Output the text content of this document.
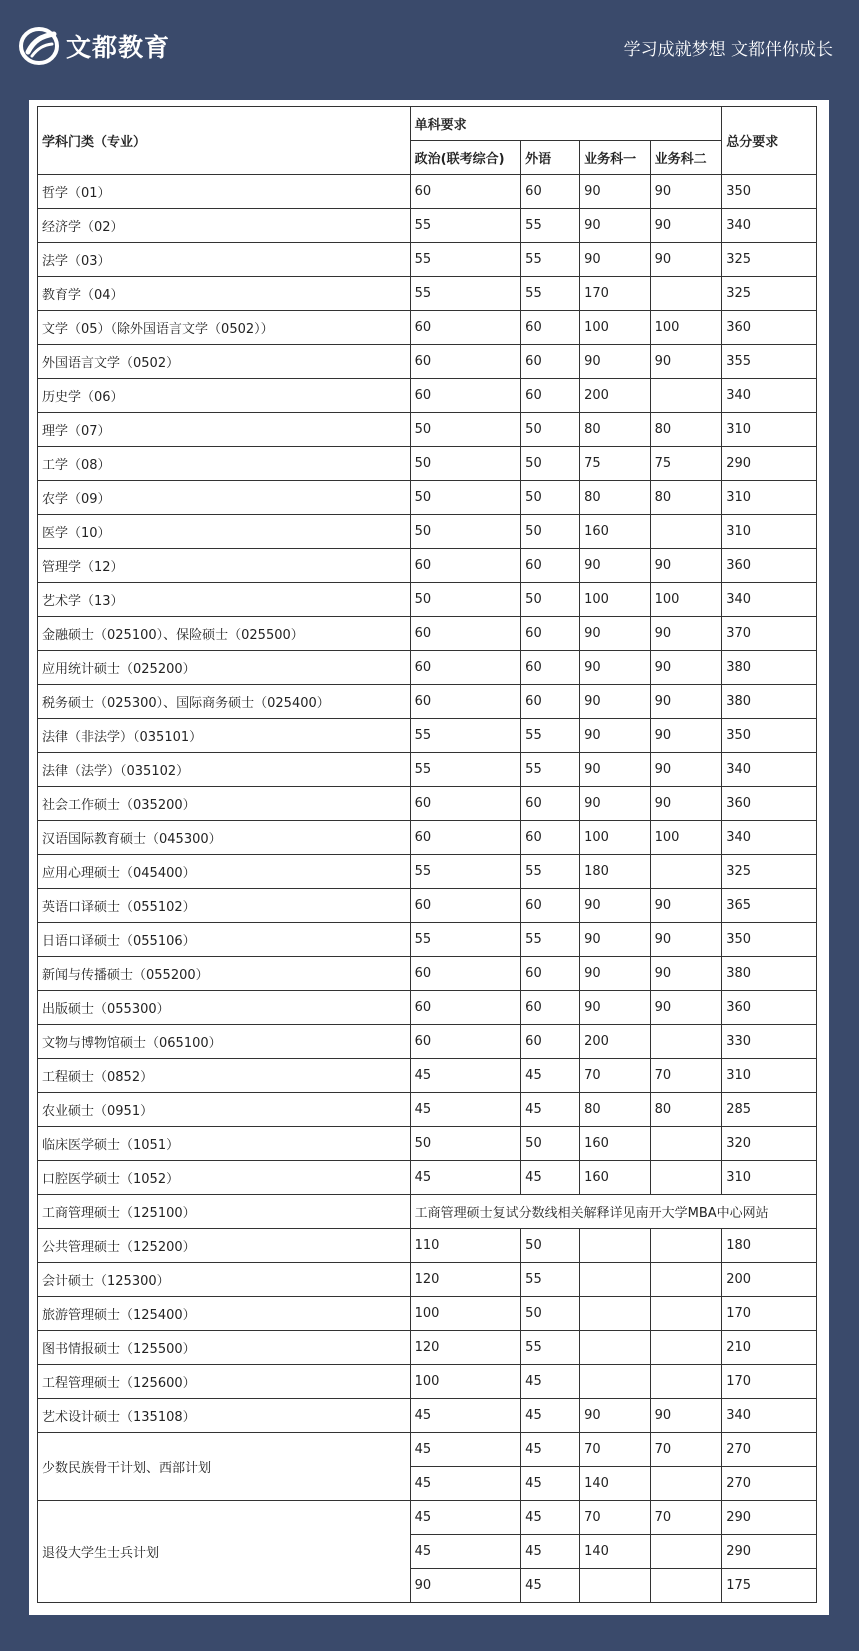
文都教育	学习成就梦想 文都伴你成长
学科门类（专业）	单科要求				总分要求
	政治(联考综合)	外语	业务科一	业务科二	
哲学（01）	60	60	90	90	350
经济学（02）	55	55	90	90	340
法学（03）	55	55	90	90	325
教育学（04）	55	55	170		325
文学（05）（除外国语言文学（0502））	60	60	100	100	360
外国语言文学（0502）	60	60	90	90	355
历史学（06）	60	60	200		340
理学（07）	50	50	80	80	310
工学（08）	50	50	75	75	290
农学（09）	50	50	80	80	310
医学（10）	50	50	160		310
管理学（12）	60	60	90	90	360
艺术学（13）	50	50	100	100	340
金融硕士（025100）、保险硕士（025500）	60	60	90	90	370
应用统计硕士（025200）	60	60	90	90	380
税务硕士（025300）、国际商务硕士（025400）	60	60	90	90	380
法律（非法学）（035101）	55	55	90	90	350
法律（法学）（035102）	55	55	90	90	340
社会工作硕士（035200）	60	60	90	90	360
汉语国际教育硕士（045300）	60	60	100	100	340
应用心理硕士（045400）	55	55	180		325
英语口译硕士（055102）	60	60	90	90	365
日语口译硕士（055106）	55	55	90	90	350
新闻与传播硕士（055200）	60	60	90	90	380
出版硕士（055300）	60	60	90	90	360
文物与博物馆硕士（065100）	60	60	200		330
工程硕士（0852）	45	45	70	70	310
农业硕士（0951）	45	45	80	80	285
临床医学硕士（1051）	50	50	160		320
口腔医学硕士（1052）	45	45	160		310
工商管理硕士（125100）	工商管理硕士复试分数线相关解释详见南开大学MBA中心网站				
公共管理硕士（125200）	110	50			180
会计硕士（125300）	120	55			200
旅游管理硕士（125400）	100	50			170
图书情报硕士（125500）	120	55			210
工程管理硕士（125600）	100	45			170
艺术设计硕士（135108）	45	45	90	90	340
少数民族骨干计划、西部计划	45	45	70	70	270
	45	45	140		270
退役大学生士兵计划	45	45	70	70	290
	45	45	140		290
	90	45			175
